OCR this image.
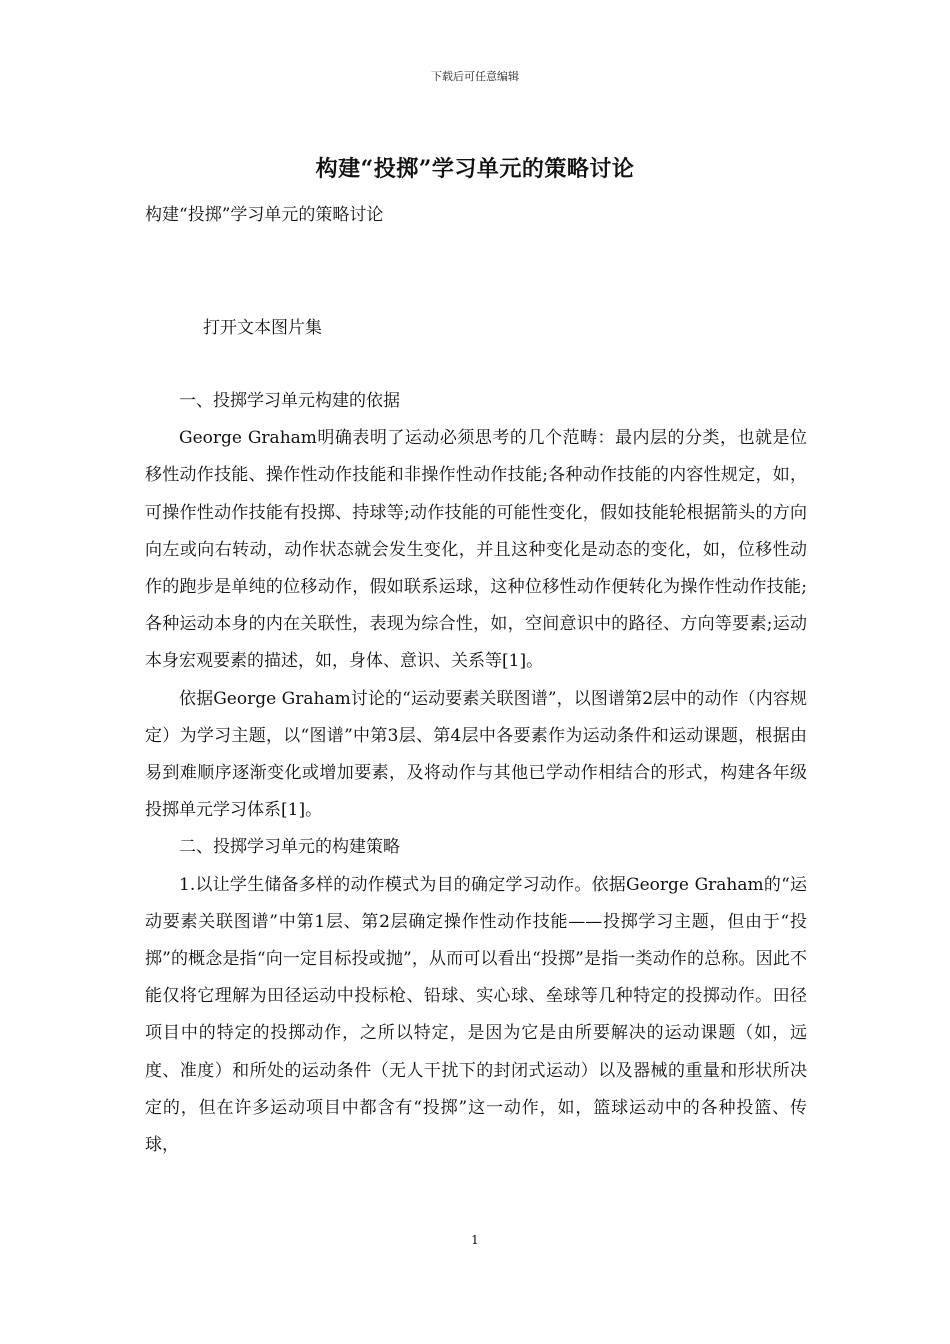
下载后可任意编辑
构建“投掷”学习单元的策略讨论
构建“投掷”学习单元的策略讨论
打开文本图片集

一、投掷学习单元构建的依据

George Graham明确表明了运动必须思考的几个范畴：最内层的分类，也就是位移性动作技能、操作性动作技能和非操作性动作技能;各种动作技能的内容性规定，如，可操作性动作技能有投掷、持球等;动作技能的可能性变化，假如技能轮根据箭头的方向向左或向右转动，动作状态就会发生变化，并且这种变化是动态的变化，如，位移性动作的跑步是单纯的位移动作，假如联系运球，这种位移性动作便转化为操作性动作技能;各种运动本身的内在关联性，表现为综合性，如，空间意识中的路径、方向等要素;运动本身宏观要素的描述，如，身体、意识、关系等[1]。

依据George Graham讨论的“运动要素关联图谱”，以图谱第2层中的动作（内容规定）为学习主题，以“图谱”中第3层、第4层中各要素作为运动条件和运动课题，根据由易到难顺序逐渐变化或增加要素，及将动作与其他已学动作相结合的形式，构建各年级投掷单元学习体系[1]。

二、投掷学习单元的构建策略

1.以让学生储备多样的动作模式为目的确定学习动作。依据George Graham的“运动要素关联图谱”中第1层、第2层确定操作性动作技能——投掷学习主题，但由于“投掷”的概念是指“向一定目标投或抛”，从而可以看出“投掷”是指一类动作的总称。因此不能仅将它理解为田径运动中投标枪、铅球、实心球、垒球等几种特定的投掷动作。田径项目中的特定的投掷动作，之所以特定，是因为它是由所要解决的运动课题（如，远度、准度）和所处的运动条件（无人干扰下的封闭式运动）以及器械的重量和形状所决定的，但在许多运动项目中都含有“投掷”这一动作，如，篮球运动中的各种投篮、传球，

1
